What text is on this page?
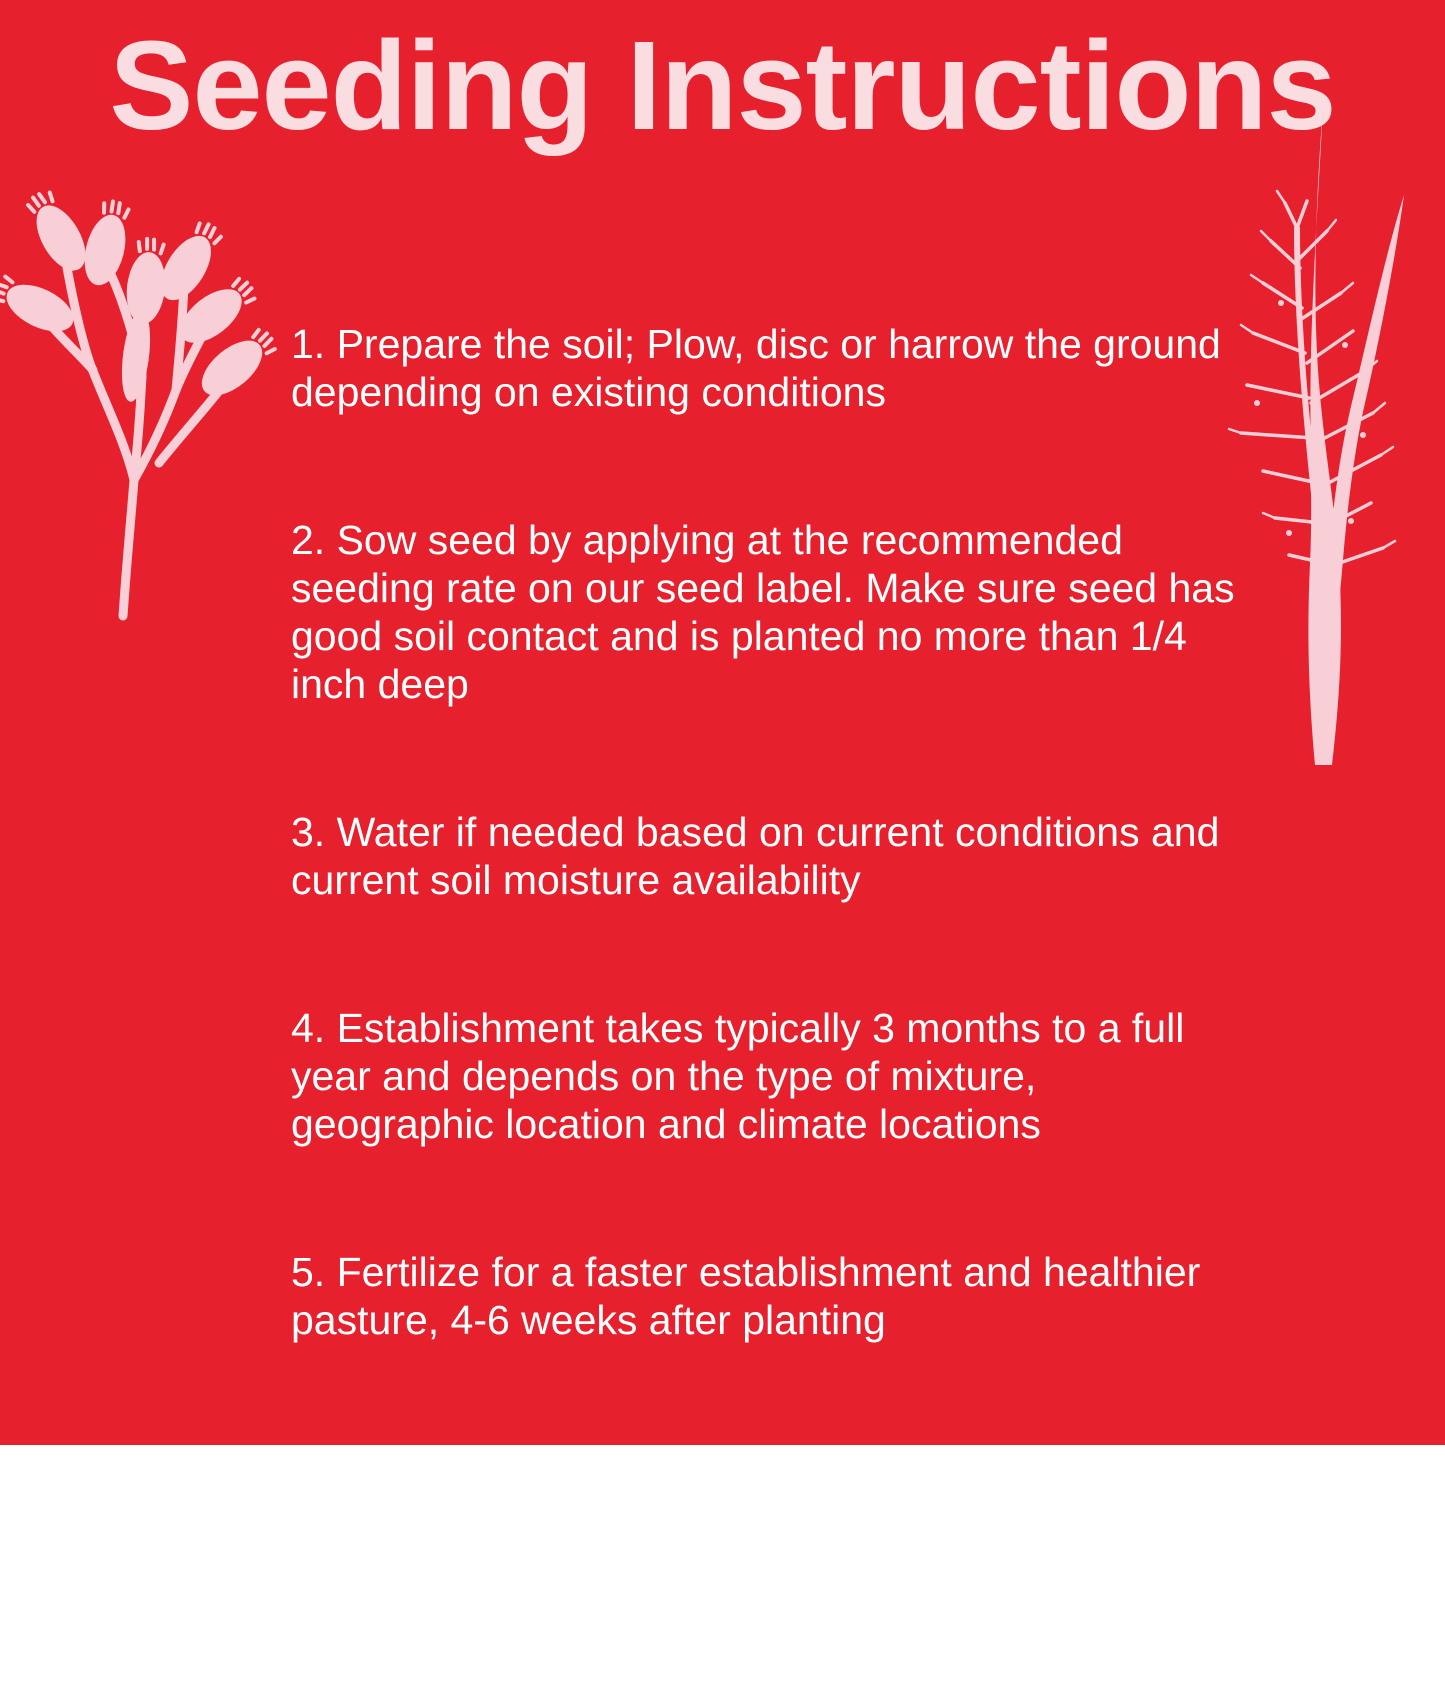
Seeding Instructions

1. Prepare the soil; Plow, disc or harrow the ground
depending on existing conditions

2. Sow seed by applying at the recommended
seeding rate on our seed label. Make sure seed has
good soil contact and is planted no more than 1/4
inch deep

3. Water if needed based on current conditions and
current soil moisture availability

4. Establishment takes typically 3 months to a full
year and depends on the type of mixture,
geographic location and climate locations

5. Fertilize for a faster establishment and healthier
pasture, 4-6 weeks after planting

6. Manage your animals to ensure they are not
eating too much of the plant which delays plant
re-growth.
